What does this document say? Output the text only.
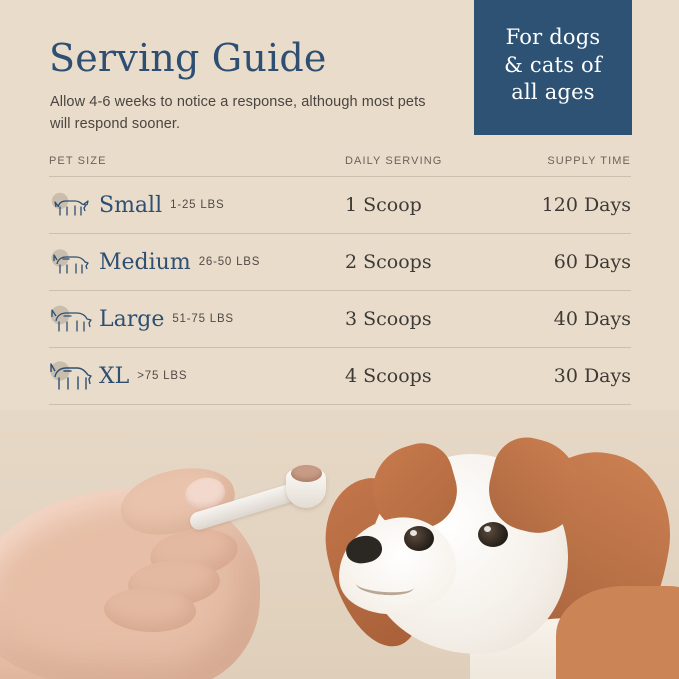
For dogs
& cats of
all ages
Serving Guide
Allow 4-6 weeks to notice a response, although most pets will respond sooner.
PET SIZE	DAILY SERVING	SUPPLY TIME
Small 1-25 LBS	1 Scoop	120 Days
Medium 26-50 LBS	2 Scoops	60 Days
Large 51-75 LBS	3 Scoops	40 Days
XL >75 LBS	4 Scoops	30 Days
